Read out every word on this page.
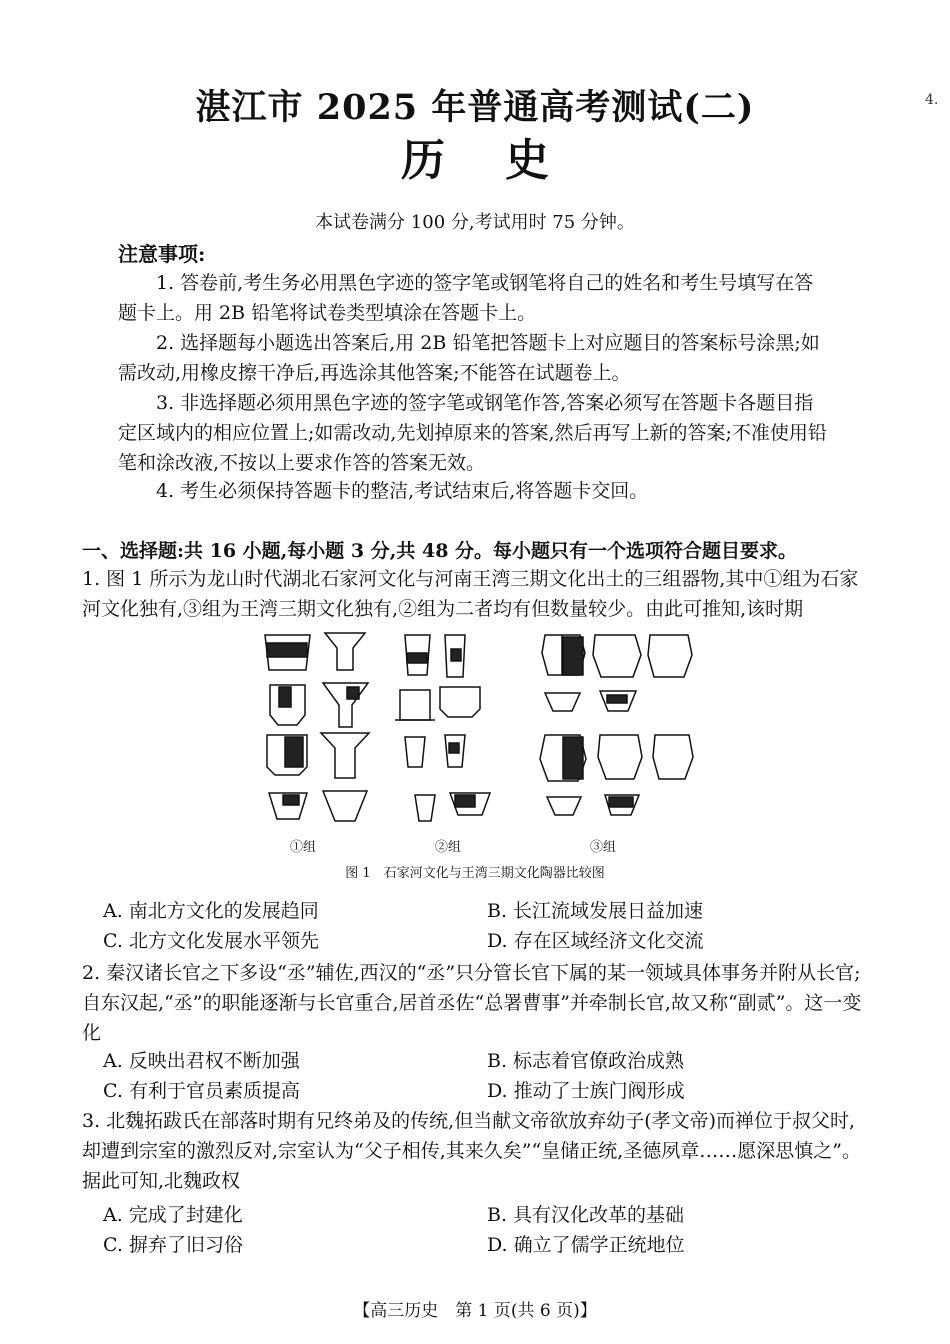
湛江市 2025 年普通高考测试(二)	4.
历史
本试卷满分 100 分,考试用时 75 分钟。
注意事项:

1. 答卷前,考生务必用黑色字迹的签字笔或钢笔将自己的姓名和考生号填写在答题卡上。用 2B 铅笔将试卷类型填涂在答题卡上。

2. 选择题每小题选出答案后,用 2B 铅笔把答题卡上对应题目的答案标号涂黑;如需改动,用橡皮擦干净后,再选涂其他答案;不能答在试题卷上。

3. 非选择题必须用黑色字迹的签字笔或钢笔作答,答案必须写在答题卡各题目指定区域内的相应位置上;如需改动,先划掉原来的答案,然后再写上新的答案;不准使用铅笔和涂改液,不按以上要求作答的答案无效。

4. 考生必须保持答题卡的整洁,考试结束后,将答题卡交回。

一、选择题:共 16 小题,每小题 3 分,共 48 分。每小题只有一个选项符合题目要求。

1. 图 1 所示为龙山时代湖北石家河文化与河南王湾三期文化出土的三组器物,其中①组为石家河文化独有,③组为王湾三期文化独有,②组为二者均有但数量较少。由此可推知,该时期

①组	②组	③组
图 1　石家河文化与王湾三期文化陶器比较图
A. 南北方文化的发展趋同	B. 长江流域发展日益加速
C. 北方文化发展水平领先	D. 存在区域经济文化交流

2. 秦汉诸长官之下多设“丞”辅佐,西汉的“丞”只分管长官下属的某一领域具体事务并附从长官;自东汉起,“丞”的职能逐渐与长官重合,居首丞佐“总署曹事”并牵制长官,故又称“副贰”。这一变化

A. 反映出君权不断加强	B. 标志着官僚政治成熟
C. 有利于官员素质提高	D. 推动了士族门阀形成

3. 北魏拓跋氏在部落时期有兄终弟及的传统,但当献文帝欲放弃幼子(孝文帝)而禅位于叔父时,却遭到宗室的激烈反对,宗室认为“父子相传,其来久矣”“皇储正统,圣德夙章……愿深思慎之”。据此可知,北魏政权

A. 完成了封建化	B. 具有汉化改革的基础
C. 摒弃了旧习俗	D. 确立了儒学正统地位
【高三历史　第 1 页(共 6 页)】
